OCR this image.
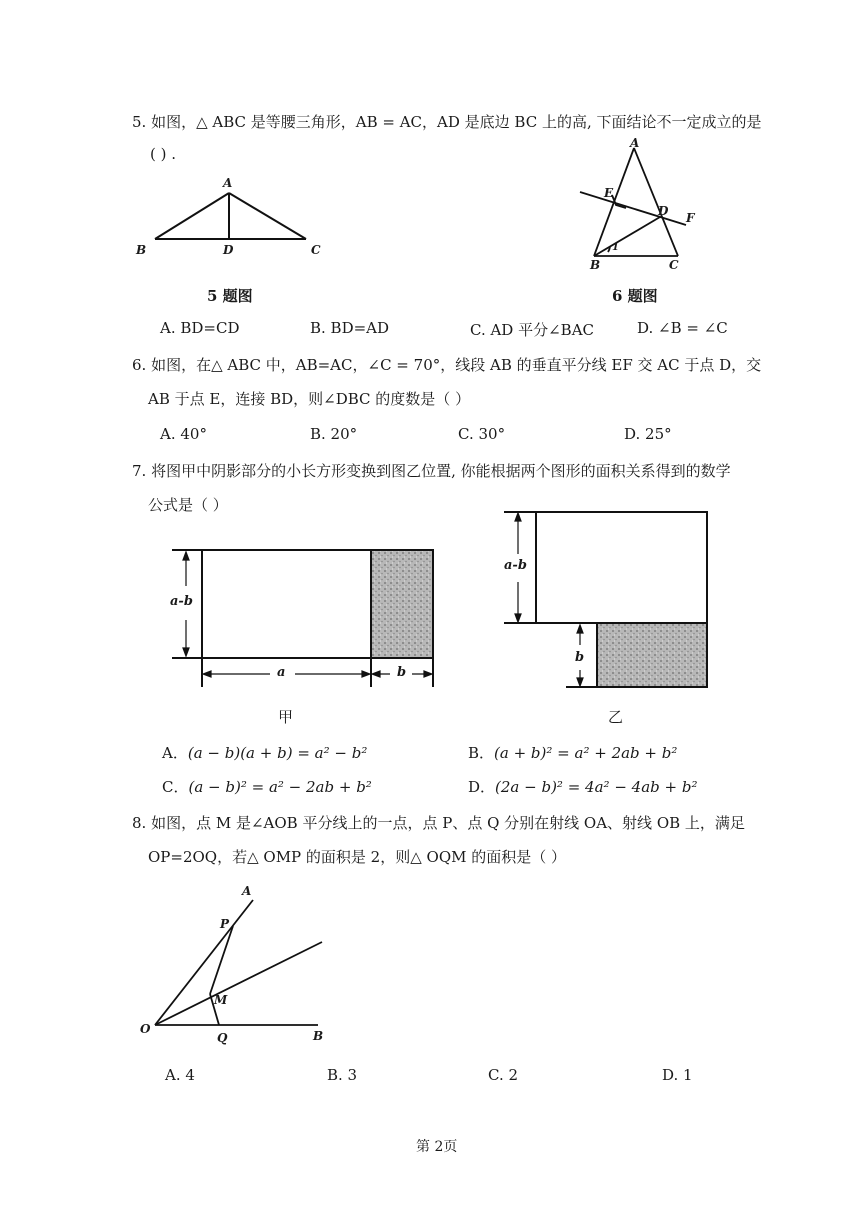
5. 如图，△ ABC 是等腰三角形，AB = AC，AD 是底边 BC 上的高, 下面结论不一定成立的是
( ) .
A
B	D	C
5 题图
A
E
D F
1
B	C
6 题图
A. BD=CD	B. BD=AD	C. AD 平分∠BAC	D. ∠B = ∠C
6. 如图，在△ ABC 中，AB=AC，∠C = 70°，线段 AB 的垂直平分线 EF 交 AC 于点 D，交
AB 于点 E，连接 BD，则∠DBC 的度数是（ ）
A. 40°	B. 20°	C. 30°	D. 25°
7. 将图甲中阴影部分的小长方形变换到图乙位置, 你能根据两个图形的面积关系得到的数学
公式是（ ）
a-b
a	b
甲
a-b
b
乙
A．(a − b)(a + b) = a² − b²	B．(a + b)² = a² + 2ab + b²
C．(a − b)² = a² − 2ab + b²	D．(2a − b)² = 4a² − 4ab + b²
8. 如图，点 M 是∠AOB 平分线上的一点，点 P、点 Q 分别在射线 OA、射线 OB 上，满足
OP=2OQ，若△ OMP 的面积是 2，则△ OQM 的面积是（ ）
A
P
M
O
Q	B
A. 4	B. 3	C. 2	D. 1
第 2页
